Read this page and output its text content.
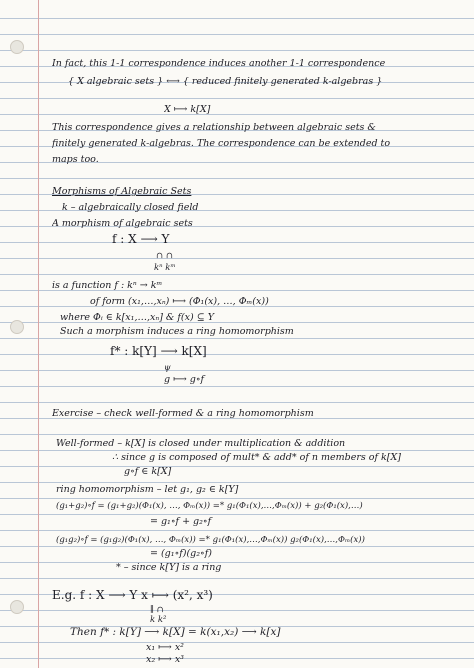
In fact, this 1-1 correspondence induces another 1-1 correspondence
{ X algebraic sets } ⟷ { reduced finitely generated k-algebras }
X ⟼ k[X]
This correspondence gives a relationship between algebraic sets &
finitely generated k-algebras. The correspondence can be extended to
maps too.
Morphisms of Algebraic Sets
k – algebraically closed field
A morphism of algebraic sets
f : X ⟶ Y
∩ ∩
kⁿ kᵐ
is a function f : kⁿ → kᵐ
of form (x₁,…,xₙ) ⟼ (Φ₁(x), …, Φₘ(x))
where Φᵢ ∈ k[x₁,…,xₙ] & f(x) ⊆ Y
Such a morphism induces a ring homomorphism
f* : k[Y] ⟶ k[X]
ψ
g ⟼ g∘f
Exercise – check well-formed & a ring homomorphism
Well-formed – k[X] is closed under multiplication & addition
∴ since g is composed of mult* & add* of n members of k[X]
g∘f ∈ k[X]
ring homomorphism – let g₁, g₂ ∈ k[Y]
(g₁+g₂)∘f = (g₁+g₂)(Φ₁(x), …, Φₘ(x)) =* g₁(Φ₁(x),…,Φₘ(x)) + g₂(Φ₁(x),…)
= g₁∘f + g₂∘f
(g₁g₂)∘f = (g₁g₂)(Φ₁(x), …, Φₘ(x)) =* g₁(Φ₁(x),…,Φₘ(x)) g₂(Φ₁(x),…,Φₘ(x))
= (g₁∘f)(g₂∘f)
* – since k[Y] is a ring
E.g. f : X ⟶ Y x ⟼ (x², x³)
∥ ∩
k k²
Then f* : k[Y] ⟶ k[X] = k(x₁,x₂) ⟶ k[x]
x₁ ⟼ x²
x₂ ⟼ x³
